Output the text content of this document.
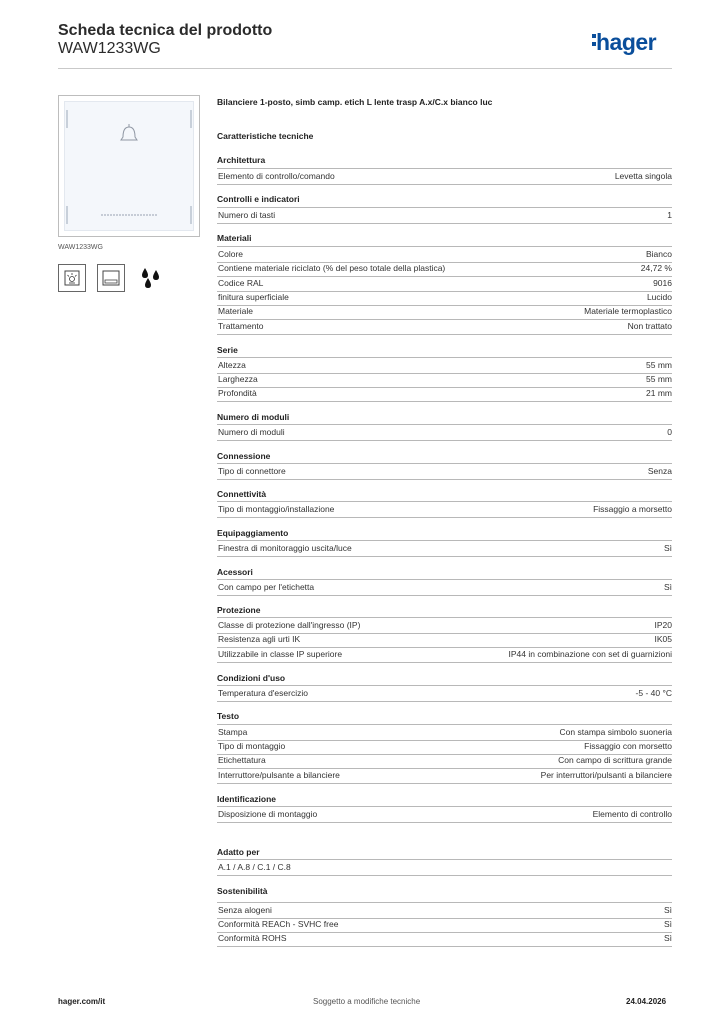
Scheda tecnica del prodotto
WAW1233WG	hager
WAW1233WG
Bilanciere 1-posto, simb camp. etich L lente trasp A.x/C.x bianco luc
Caratteristiche tecniche
Architettura
Elemento di controllo/comando	Levetta singola
Controlli e indicatori
Numero di tasti	1
Materiali
Colore	Bianco
Contiene materiale riciclato (% del peso totale della plastica)	24,72 %
Codice RAL	9016
finitura superficiale	Lucido
Materiale	Materiale termoplastico
Trattamento	Non trattato
Serie
Altezza	55 mm
Larghezza	55 mm
Profondità	21 mm
Numero di moduli
Numero di moduli	0
Connessione
Tipo di connettore	Senza
Connettività
Tipo di montaggio/installazione	Fissaggio a morsetto
Equipaggiamento
Finestra di monitoraggio uscita/luce	Sì
Acessori
Con campo per l'etichetta	Sì
Protezione
Classe di protezione dall'ingresso (IP)	IP20
Resistenza agli urti IK	IK05
Utilizzabile in classe IP superiore	IP44 in combinazione con set di guarnizioni
Condizioni d'uso
Temperatura d'esercizio	-5 - 40 °C
Testo
Stampa	Con stampa simbolo suoneria
Tipo di montaggio	Fissaggio con morsetto
Etichettatura	Con campo di scrittura grande
Interruttore/pulsante a bilanciere	Per interruttori/pulsanti a bilanciere
Identificazione
Disposizione di montaggio	Elemento di controllo
Adatto per
A.1 / A.8 / C.1 / C.8
Sostenibilità
Senza alogeni	Sì
Conformità REACh - SVHC free	Sì
Conformità ROHS	Sì
hager.com/it	Soggetto a modifiche tecniche	24.04.2026
